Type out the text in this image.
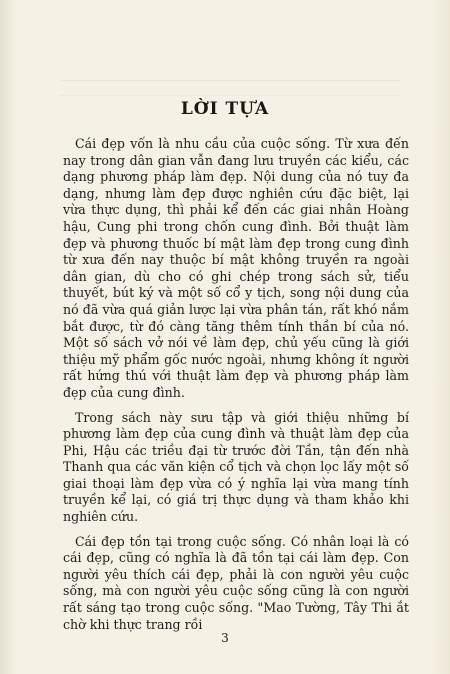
LỜI TỰA

Cái đẹp vốn là nhu cầu của cuộc sống. Từ xưa đến nay trong dân gian vẫn đang lưu truyền các kiểu, các dạng phương pháp làm đẹp. Nội dung của nó tuy đa dạng, nhưng làm đẹp được nghiên cứu đặc biệt, lại vừa thực dụng, thì phải kể đến các giai nhân Hoàng hậu, Cung phi trong chốn cung đình. Bởi thuật làm đẹp và phương thuốc bí mật làm đẹp trong cung đình từ xưa đến nay thuộc bí mật không truyền ra ngoài dân gian, dù cho có ghi chép trong sách sử, tiểu thuyết, bút ký và một số cổ y tịch, song nội dung của nó đã vừa quá giản lược lại vừa phân tán, rất khó nắm bắt được, từ đó càng tăng thêm tính thần bí của nó. Một số sách vở nói về làm đẹp, chủ yếu cũng là giới thiệu mỹ phẩm gốc nước ngoài, nhưng không ít người rất hứng thú với thuật làm đẹp và phương pháp làm đẹp của cung đình.

Trong sách này sưu tập và giới thiệu những bí phương làm đẹp của cung đình và thuật làm đẹp của Phi, Hậu các triều đại từ trước đời Tần, tận đến nhà Thanh qua các văn kiện cổ tịch và chọn lọc lấy một số giai thoại làm đẹp vừa có ý nghĩa lại vừa mang tính truyền kể lại, có giá trị thực dụng và tham khảo khi nghiên cứu.

Cái đẹp tồn tại trong cuộc sống. Có nhân loại là có cái đẹp, cũng có nghĩa là đã tồn tại cái làm đẹp. Con người yêu thích cái đẹp, phải là con người yêu cuộc sống, mà con người yêu cuộc sống cũng là con người rất sáng tạo trong cuộc sống. "Mao Tường, Tây Thi ắt chờ khi thực trang rồi

3
